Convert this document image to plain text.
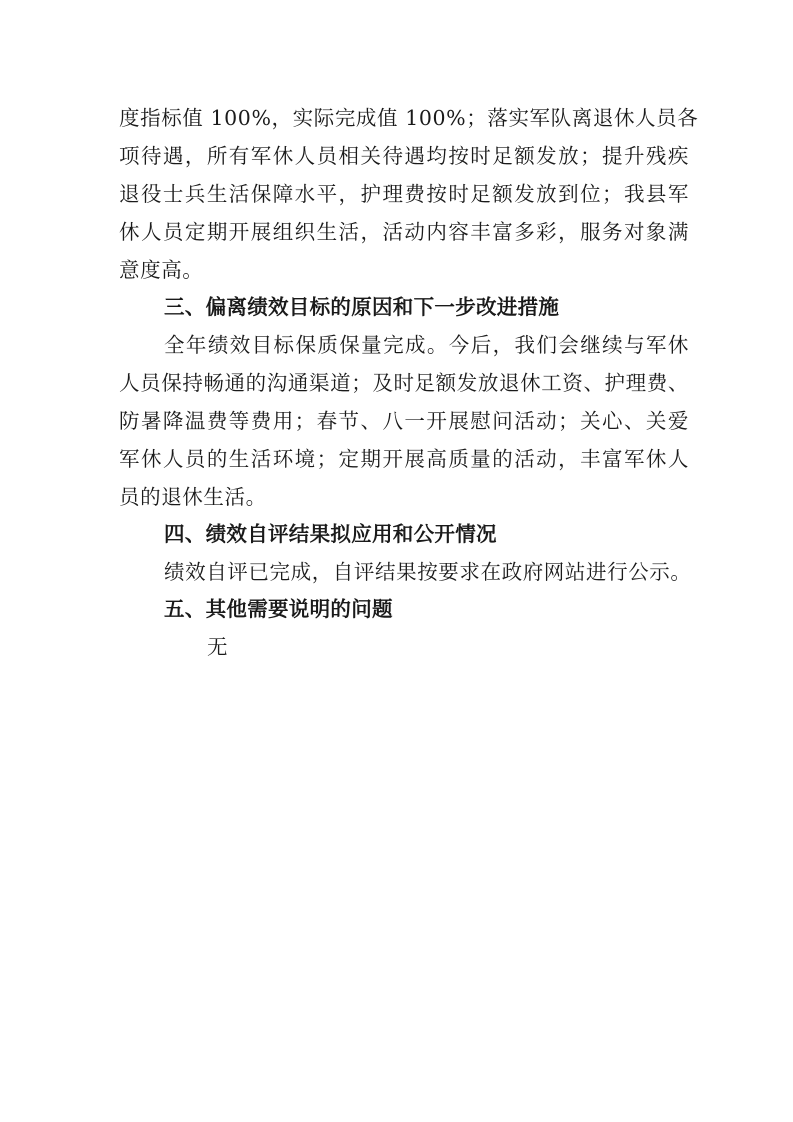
度指标值 100%，实际完成值 100%；落实军队离退休人员各
项待遇，所有军休人员相关待遇均按时足额发放；提升残疾
退役士兵生活保障水平，护理费按时足额发放到位；我县军
休人员定期开展组织生活，活动内容丰富多彩，服务对象满
意度高。
三、偏离绩效目标的原因和下一步改进措施
全年绩效目标保质保量完成。今后，我们会继续与军休
人员保持畅通的沟通渠道；及时足额发放退休工资、护理费、
防暑降温费等费用；春节、八一开展慰问活动；关心、关爱
军休人员的生活环境；定期开展高质量的活动，丰富军休人
员的退休生活。
四、绩效自评结果拟应用和公开情况
绩效自评已完成，自评结果按要求在政府网站进行公示。
五、其他需要说明的问题
无
